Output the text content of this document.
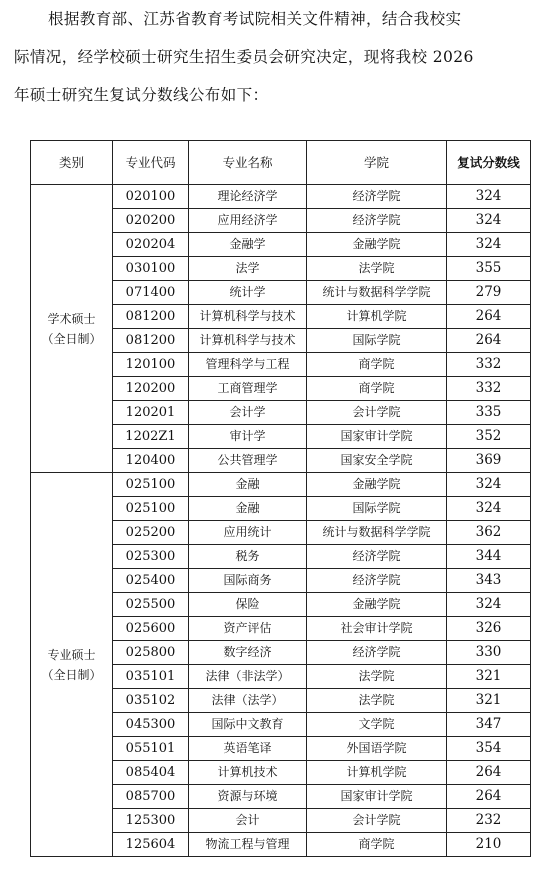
根据教育部、江苏省教育考试院相关文件精神，结合我校实
际情况，经学校硕士研究生招生委员会研究决定，现将我校 2026
年硕士研究生复试分数线公布如下：
类别	专业代码	专业名称	学院	复试分数线

学术硕士
（全日制）	020100	理论经济学	经济学院	324
	020200	应用经济学	经济学院	324
	020204	金融学	金融学院	324
	030100	法学	法学院	355
	071400	统计学	统计与数据科学学院	279
	081200	计算机科学与技术	计算机学院	264
	081200	计算机科学与技术	国际学院	264
	120100	管理科学与工程	商学院	332
	120200	工商管理学	商学院	332
	120201	会计学	会计学院	335
	1202Z1	审计学	国家审计学院	352
	120400	公共管理学	国家安全学院	369

专业硕士
（全日制）	025100	金融	金融学院	324
	025100	金融	国际学院	324
	025200	应用统计	统计与数据科学学院	362
	025300	税务	经济学院	344
	025400	国际商务	经济学院	343
	025500	保险	金融学院	324
	025600	资产评估	社会审计学院	326
	025800	数字经济	经济学院	330
	035101	法律（非法学）	法学院	321
	035102	法律（法学）	法学院	321
	045300	国际中文教育	文学院	347
	055101	英语笔译	外国语学院	354
	085404	计算机技术	计算机学院	264
	085700	资源与环境	国家审计学院	264
	125300	会计	会计学院	232
	125604	物流工程与管理	商学院	210
